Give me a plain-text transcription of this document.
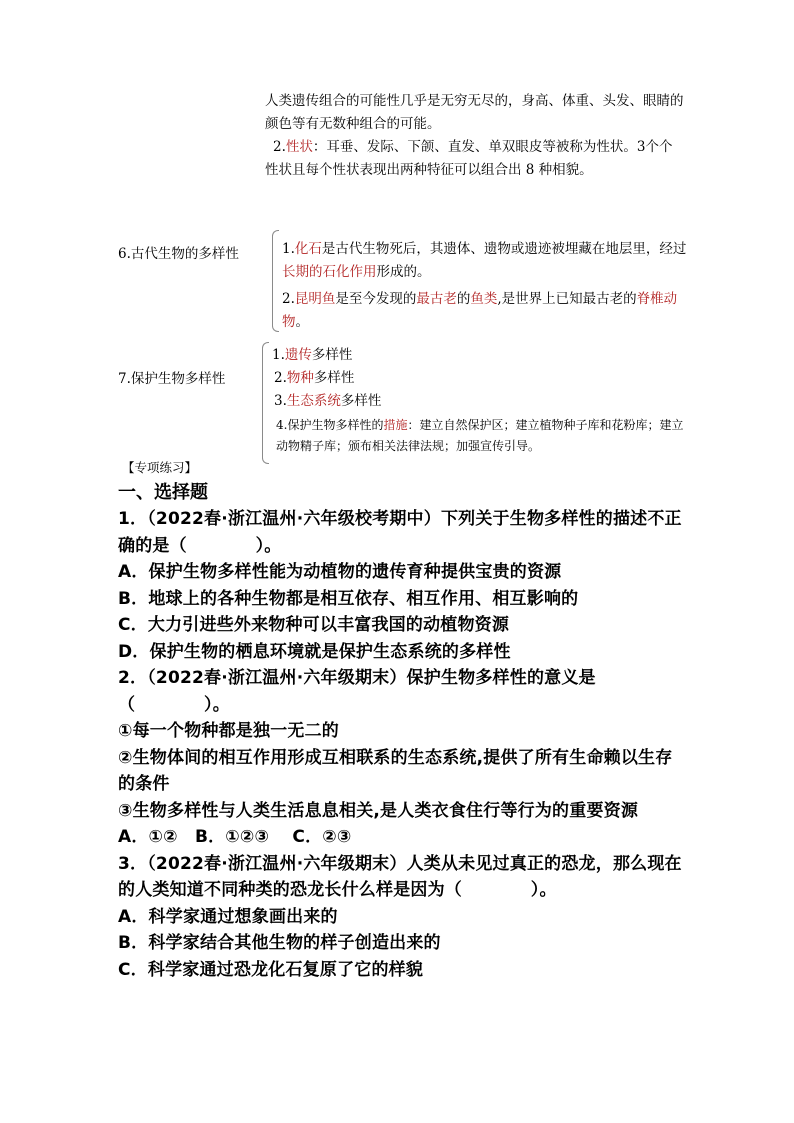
人类遗传组合的可能性几乎是无穷无尽的，身高、体重、头发、眼睛的颜色等有无数种组合的可能。

2.性状：耳垂、发际、下颌、直发、单双眼皮等被称为性状。3个个性状且每个性状表现出两种特征可以组合出 8 种相貌。

6.古代生物的多样性	1.化石是古代生物死后，其遗体、遗物或遗迹被埋藏在地层里，经过长期的石化作用形成的。

2.昆明鱼是至今发现的最古老的鱼类,是世界上已知最古老的脊椎动物。

7.保护生物多样性

1.遗传多样性

2.物种多样性

3.生态系统多样性

4.保护生物多样性的措施：建立自然保护区；建立植物种子库和花粉库；建立动物精子库；颁布相关法律法规；加强宣传引导。

【专项练习】

一、选择题

1．（2022春·浙江温州·六年级校考期中）下列关于生物多样性的描述不正确的是（　　　　）。

A．保护生物多样性能为动植物的遗传育种提供宝贵的资源

B．地球上的各种生物都是相互依存、相互作用、相互影响的

C．大力引进些外来物种可以丰富我国的动植物资源

D．保护生物的栖息环境就是保护生态系统的多样性

2．（2022春·浙江温州·六年级期末）保护生物多样性的意义是（　　　　）。

①每一个物种都是独一无二的

②生物体间的相互作用形成互相联系的生态系统,提供了所有生命赖以生存的条件

③生物多样性与人类生活息息相关,是人类衣食住行等行为的重要资源

A．①②　B．①②③　 C．②③

3．（2022春·浙江温州·六年级期末）人类从未见过真正的恐龙，那么现在的人类知道不同种类的恐龙长什么样是因为（　　　　）。

A．科学家通过想象画出来的

B．科学家结合其他生物的样子创造出来的

C．科学家通过恐龙化石复原了它的样貌
